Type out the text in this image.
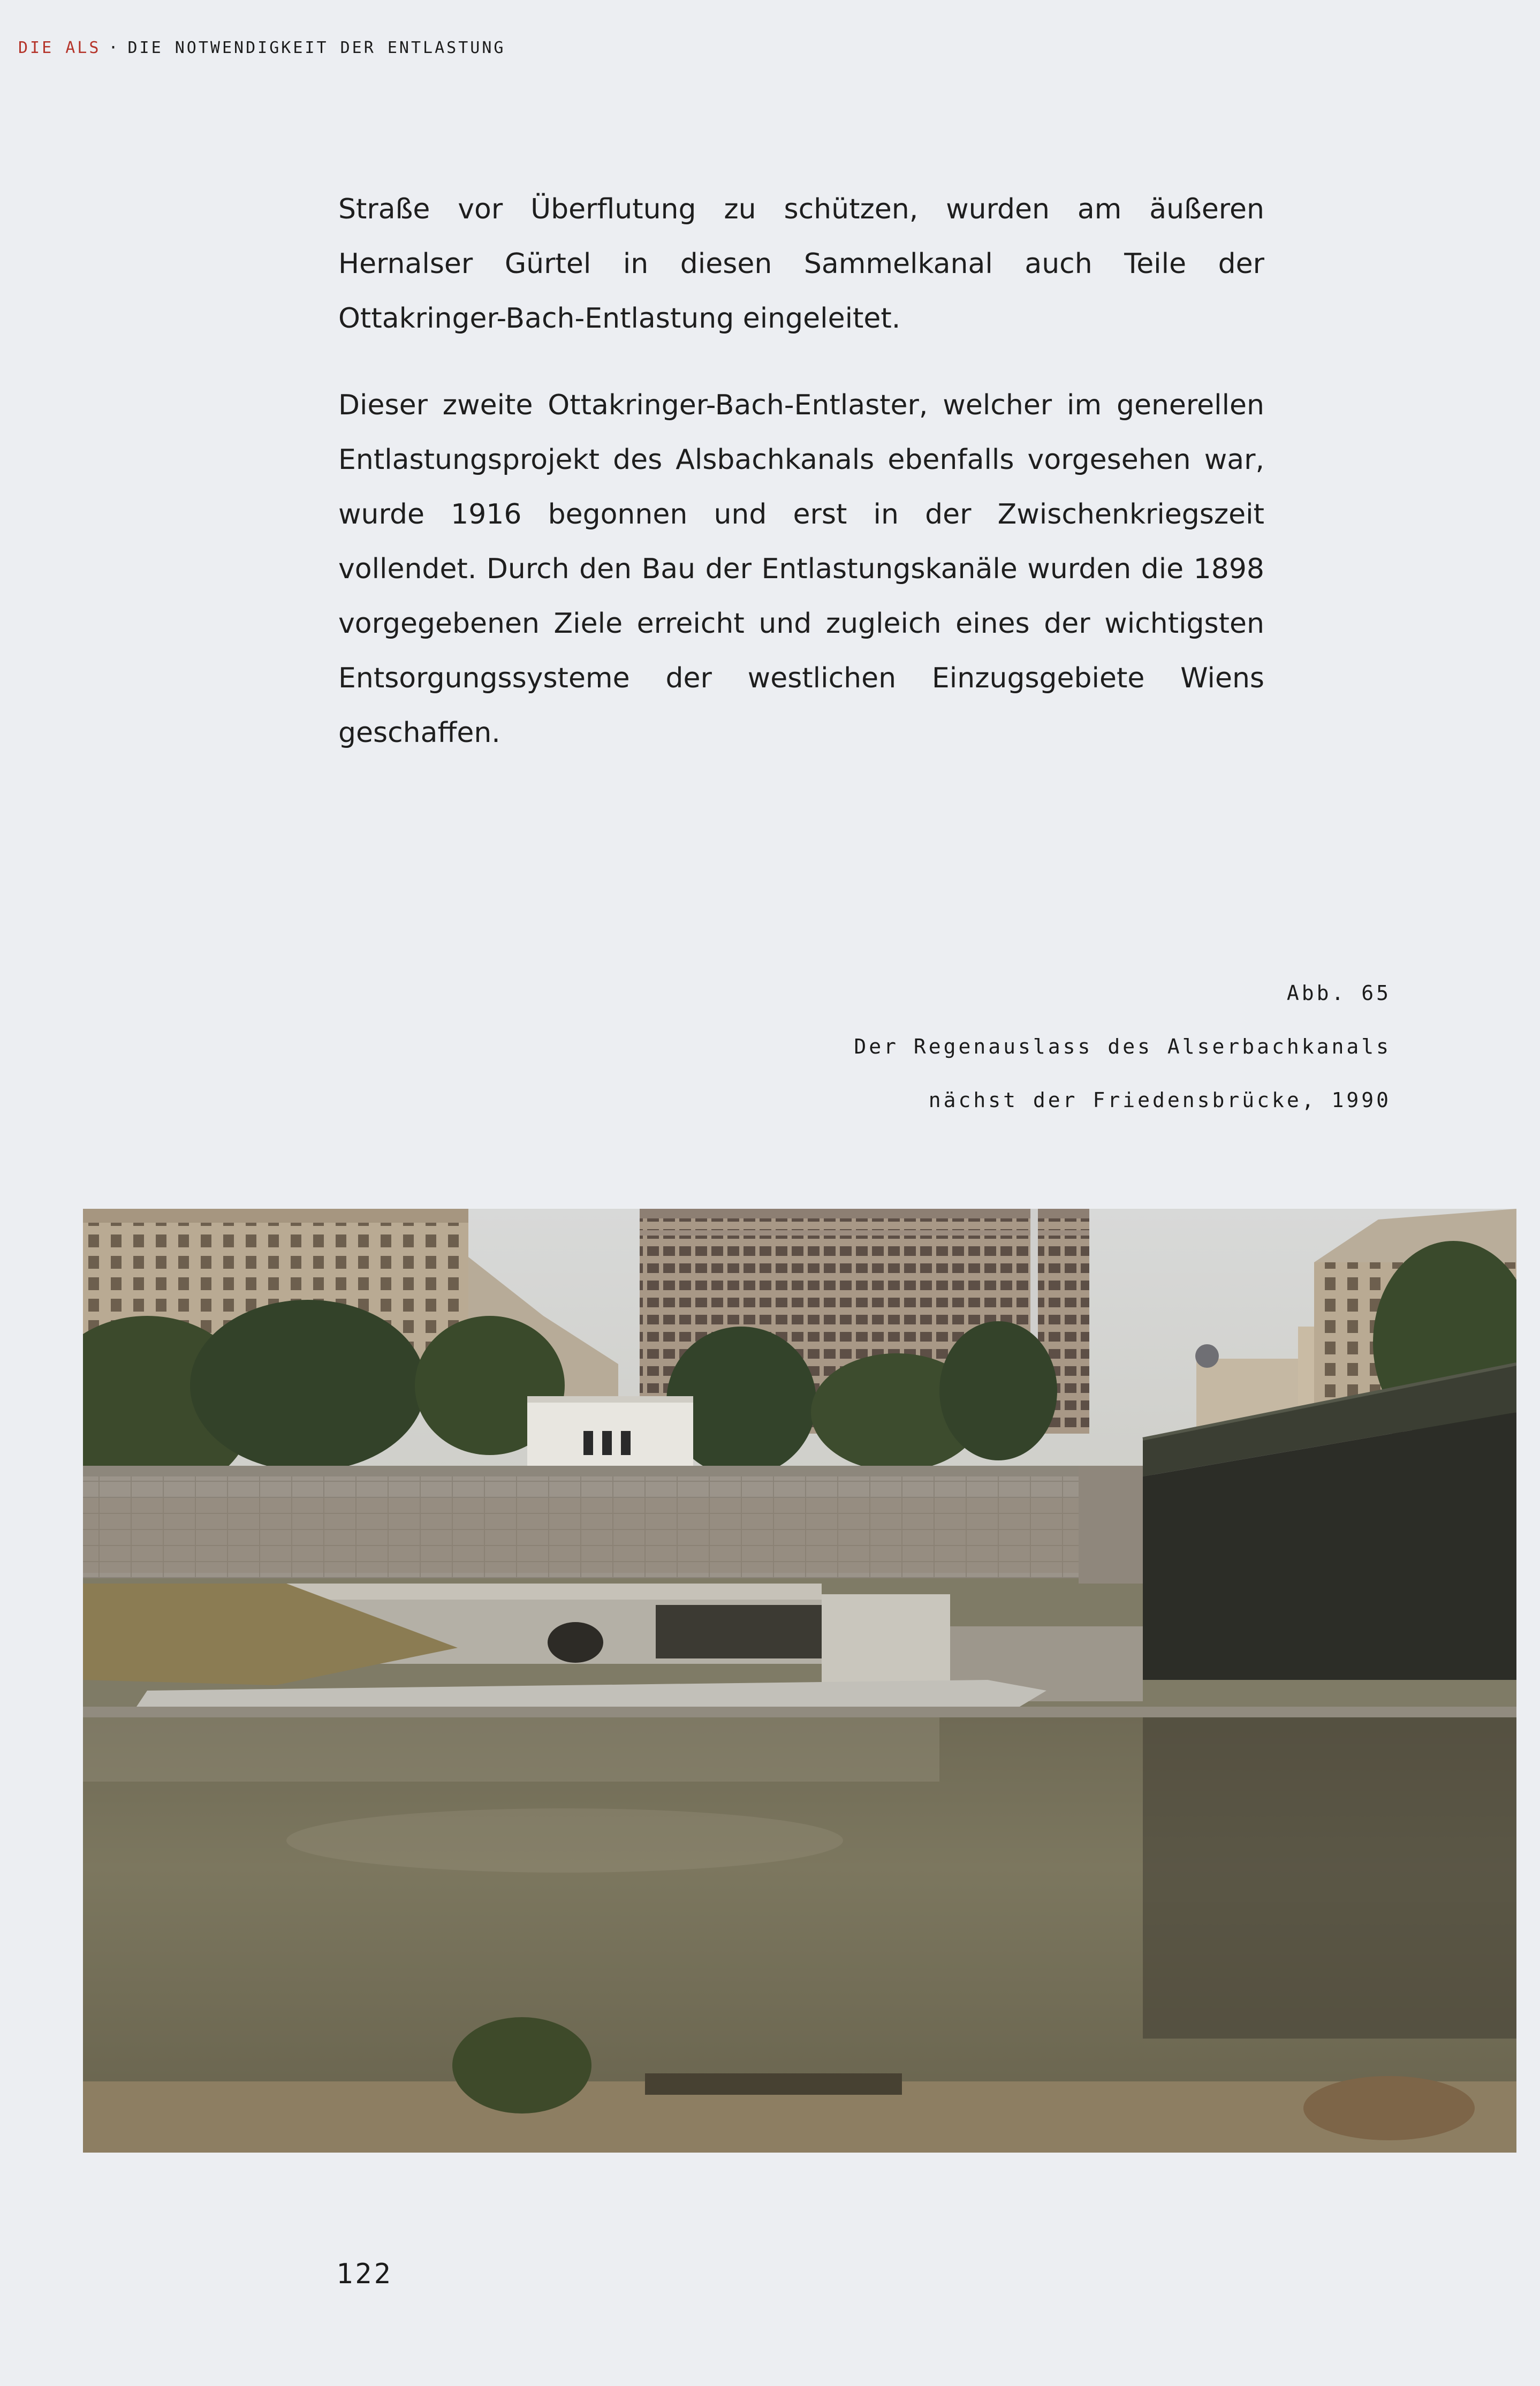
DIE ALS · DIE NOTWENDIGKEIT DER ENTLASTUNG

Straße vor Überflutung zu schützen, wurden am äußeren Hernalser Gürtel in diesen Sammelkanal auch Teile der Ottakringer-Bach-Entlastung eingeleitet.

Dieser zweite Ottakringer-Bach-Entlaster, welcher im generellen Entlastungsprojekt des Alsbachkanals ebenfalls vorgesehen war, wurde 1916 begonnen und erst in der Zwischenkriegszeit vollendet. Durch den Bau der Entlastungskanäle wurden die 1898 vorgegebenen Ziele erreicht und zugleich eines der wichtigsten Entsorgungssysteme der westlichen Einzugsgebiete Wiens geschaffen.

Abb. 65
Der Regenauslass des Alserbachkanals
nächst der Friedensbrücke, 1990
122
